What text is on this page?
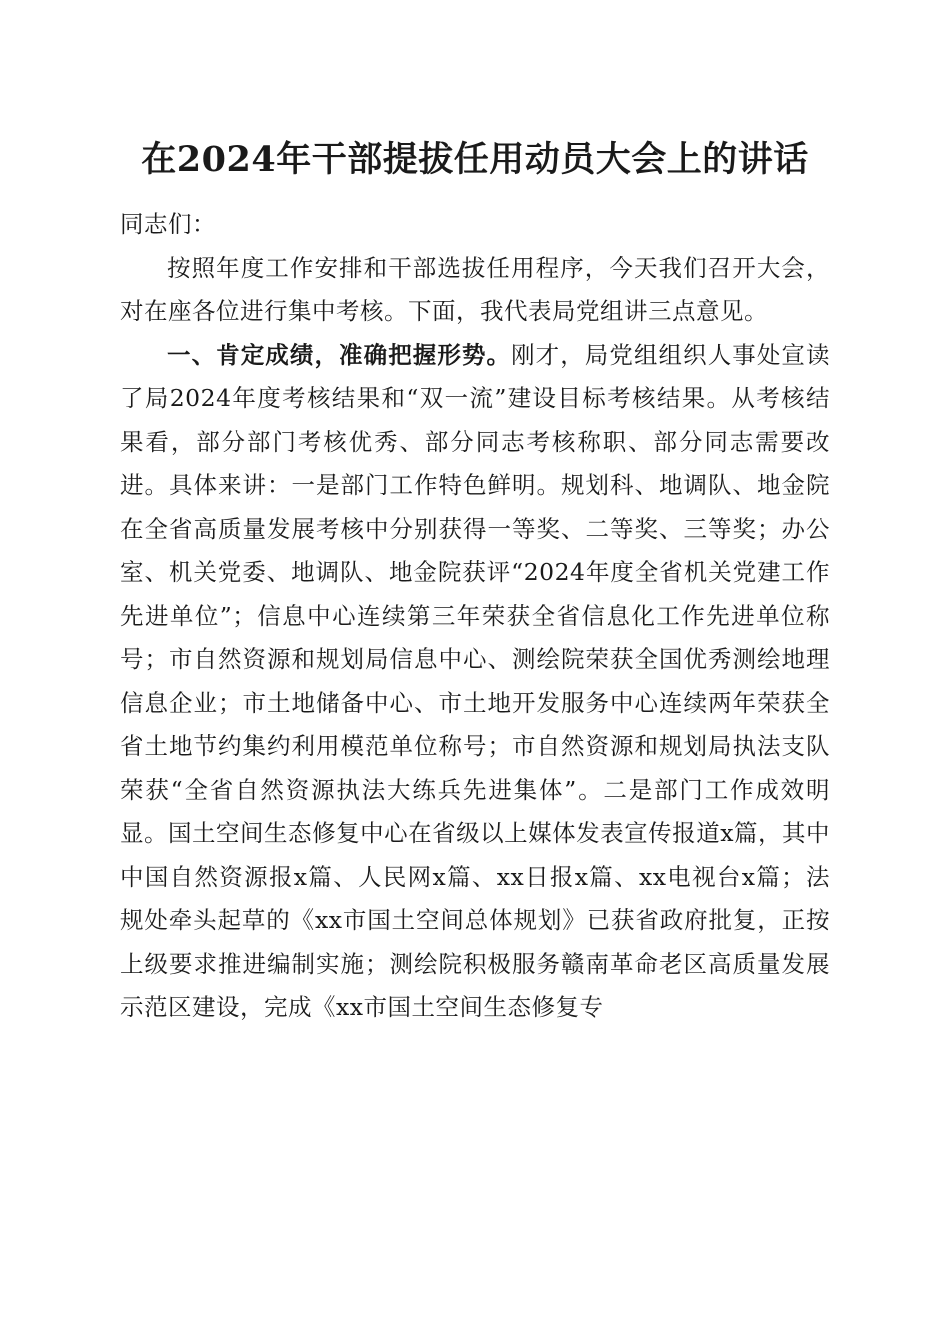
在2024年干部提拔任用动员大会上的讲话

同志们：

按照年度工作安排和干部选拔任用程序，今天我们召开大会，对在座各位进行集中考核。下面，我代表局党组讲三点意见。

一、肯定成绩，准确把握形势。刚才，局党组组织人事处宣读了局2024年度考核结果和“双一流”建设目标考核结果。从考核结果看，部分部门考核优秀、部分同志考核称职、部分同志需要改进。具体来讲：一是部门工作特色鲜明。规划科、地调队、地金院在全省高质量发展考核中分别获得一等奖、二等奖、三等奖；办公室、机关党委、地调队、地金院获评“2024年度全省机关党建工作先进单位”；信息中心连续第三年荣获全省信息化工作先进单位称号；市自然资源和规划局信息中心、测绘院荣获全国优秀测绘地理信息企业；市土地储备中心、市土地开发服务中心连续两年荣获全省土地节约集约利用模范单位称号；市自然资源和规划局执法支队荣获“全省自然资源执法大练兵先进集体”。二是部门工作成效明显。国土空间生态修复中心在省级以上媒体发表宣传报道x篇，其中中国自然资源报x篇、人民网x篇、xx日报x篇、xx电视台x篇；法规处牵头起草的《xx市国土空间总体规划》已获省政府批复，正按上级要求推进编制实施；测绘院积极服务赣南革命老区高质量发展示范区建设，完成《xx市国土空间生态修复专
